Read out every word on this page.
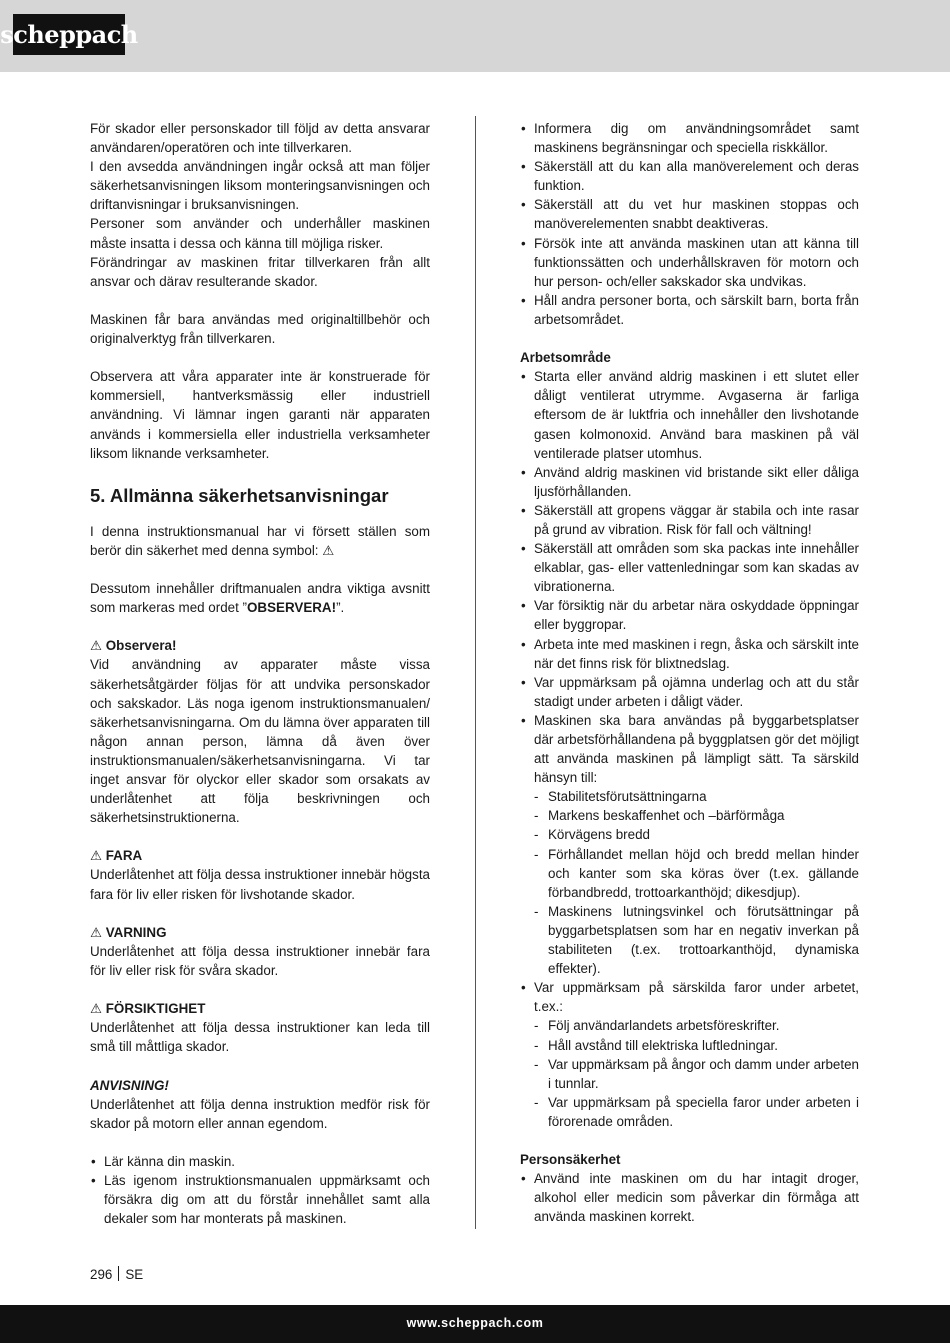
scheppach

För skador eller personskador till följd av detta ansvarar användaren/operatören och inte tillverkaren.

I den avsedda användningen ingår också att man följer säkerhetsanvisningen liksom monteringsanvisningen och driftanvisningar i bruksanvisningen.

Personer som använder och underhåller maskinen måste insatta i dessa och känna till möjliga risker.

Förändringar av maskinen fritar tillverkaren från allt ansvar och därav resulterande skador.

Maskinen får bara användas med originaltillbehör och originalverktyg från tillverkaren.

Observera att våra apparater inte är konstruerade för kommersiell, hantverksmässig eller industriell användning. Vi lämnar ingen garanti när apparaten används i kommersiella eller industriella verksamheter liksom liknande verksamheter.

5. Allmänna säkerhetsanvisningar

I denna instruktionsmanual har vi försett ställen som berör din säkerhet med denna symbol: ⚠

Dessutom innehåller driftmanualen andra viktiga avsnitt som markeras med ordet ”OBSERVERA!”.

⚠ Observera!

Vid användning av apparater måste vissa säkerhetsåtgärder följas för att undvika personskador och sakskador. Läs noga igenom instruktionsmanualen/ säkerhetsanvisningarna. Om du lämna över apparaten till någon annan person, lämna då även över instruktionsmanualen/säkerhetsanvisningarna. Vi tar inget ansvar för olyckor eller skador som orsakats av underlåtenhet att följa beskrivningen och säkerhetsinstruktionerna.

⚠ FARA

Underlåtenhet att följa dessa instruktioner innebär högsta fara för liv eller risken för livshotande skador.

⚠ VARNING

Underlåtenhet att följa dessa instruktioner innebär fara för liv eller risk för svåra skador.

⚠ FÖRSIKTIGHET

Underlåtenhet att följa dessa instruktioner kan leda till små till måttliga skador.

ANVISNING!

Underlåtenhet att följa denna instruktion medför risk för skador på motorn eller annan egendom.

• Lär känna din maskin.
• Läs igenom instruktionsmanualen uppmärksamt och försäkra dig om att du förstår innehållet samt alla dekaler som har monterats på maskinen.
• Informera dig om användningsområdet samt maskinens begränsningar och speciella riskkällor.
• Säkerställ att du kan alla manöverelement och deras funktion.
• Säkerställ att du vet hur maskinen stoppas och manöverelementen snabbt deaktiveras.
• Försök inte att använda maskinen utan att känna till funktionssätten och underhållskraven för motorn och hur person- och/eller sakskador ska undvikas.
• Håll andra personer borta, och särskilt barn, borta från arbetsområdet.
Arbetsområde
• Starta eller använd aldrig maskinen i ett slutet eller dåligt ventilerat utrymme. Avgaserna är farliga eftersom de är luktfria och innehåller den livshotande gasen kolmonoxid. Använd bara maskinen på väl ventilerade platser utomhus.
• Använd aldrig maskinen vid bristande sikt eller dåliga ljusförhållanden.
• Säkerställ att gropens väggar är stabila och inte rasar på grund av vibration. Risk för fall och vältning!
• Säkerställ att områden som ska packas inte innehåller elkablar, gas- eller vattenledningar som kan skadas av vibrationerna.
• Var försiktig när du arbetar nära oskyddade öppningar eller byggropar.
• Arbeta inte med maskinen i regn, åska och särskilt inte när det finns risk för blixtnedslag.
• Var uppmärksam på ojämna underlag och att du står stadigt under arbeten i dåligt väder.
• Maskinen ska bara användas på byggarbetsplatser där arbetsförhållandena på byggplatsen gör det möjligt att använda maskinen på lämpligt sätt. Ta särskild hänsyn till:
- Stabilitetsförutsättningarna
- Markens beskaffenhet och –bärförmåga
- Körvägens bredd
- Förhållandet mellan höjd och bredd mellan hinder och kanter som ska köras över (t.ex. gällande förbandbredd, trottoarkanthöjd; dikesdjup).
- Maskinens lutningsvinkel och förutsättningar på byggarbetsplatsen som har en negativ inverkan på stabiliteten (t.ex. trottoarkanthöjd, dynamiska effekter).
• Var uppmärksam på särskilda faror under arbetet, t.ex.:
- Följ användarlandets arbetsföreskrifter.
- Håll avstånd till elektriska luftledningar.
- Var uppmärksam på ångor och damm under arbeten i tunnlar.
- Var uppmärksam på speciella faror under arbeten i förorenade områden.
Personsäkerhet
• Använd inte maskinen om du har intagit droger, alkohol eller medicin som påverkar din förmåga att använda maskinen korrekt.
296 SE
www.scheppach.com
